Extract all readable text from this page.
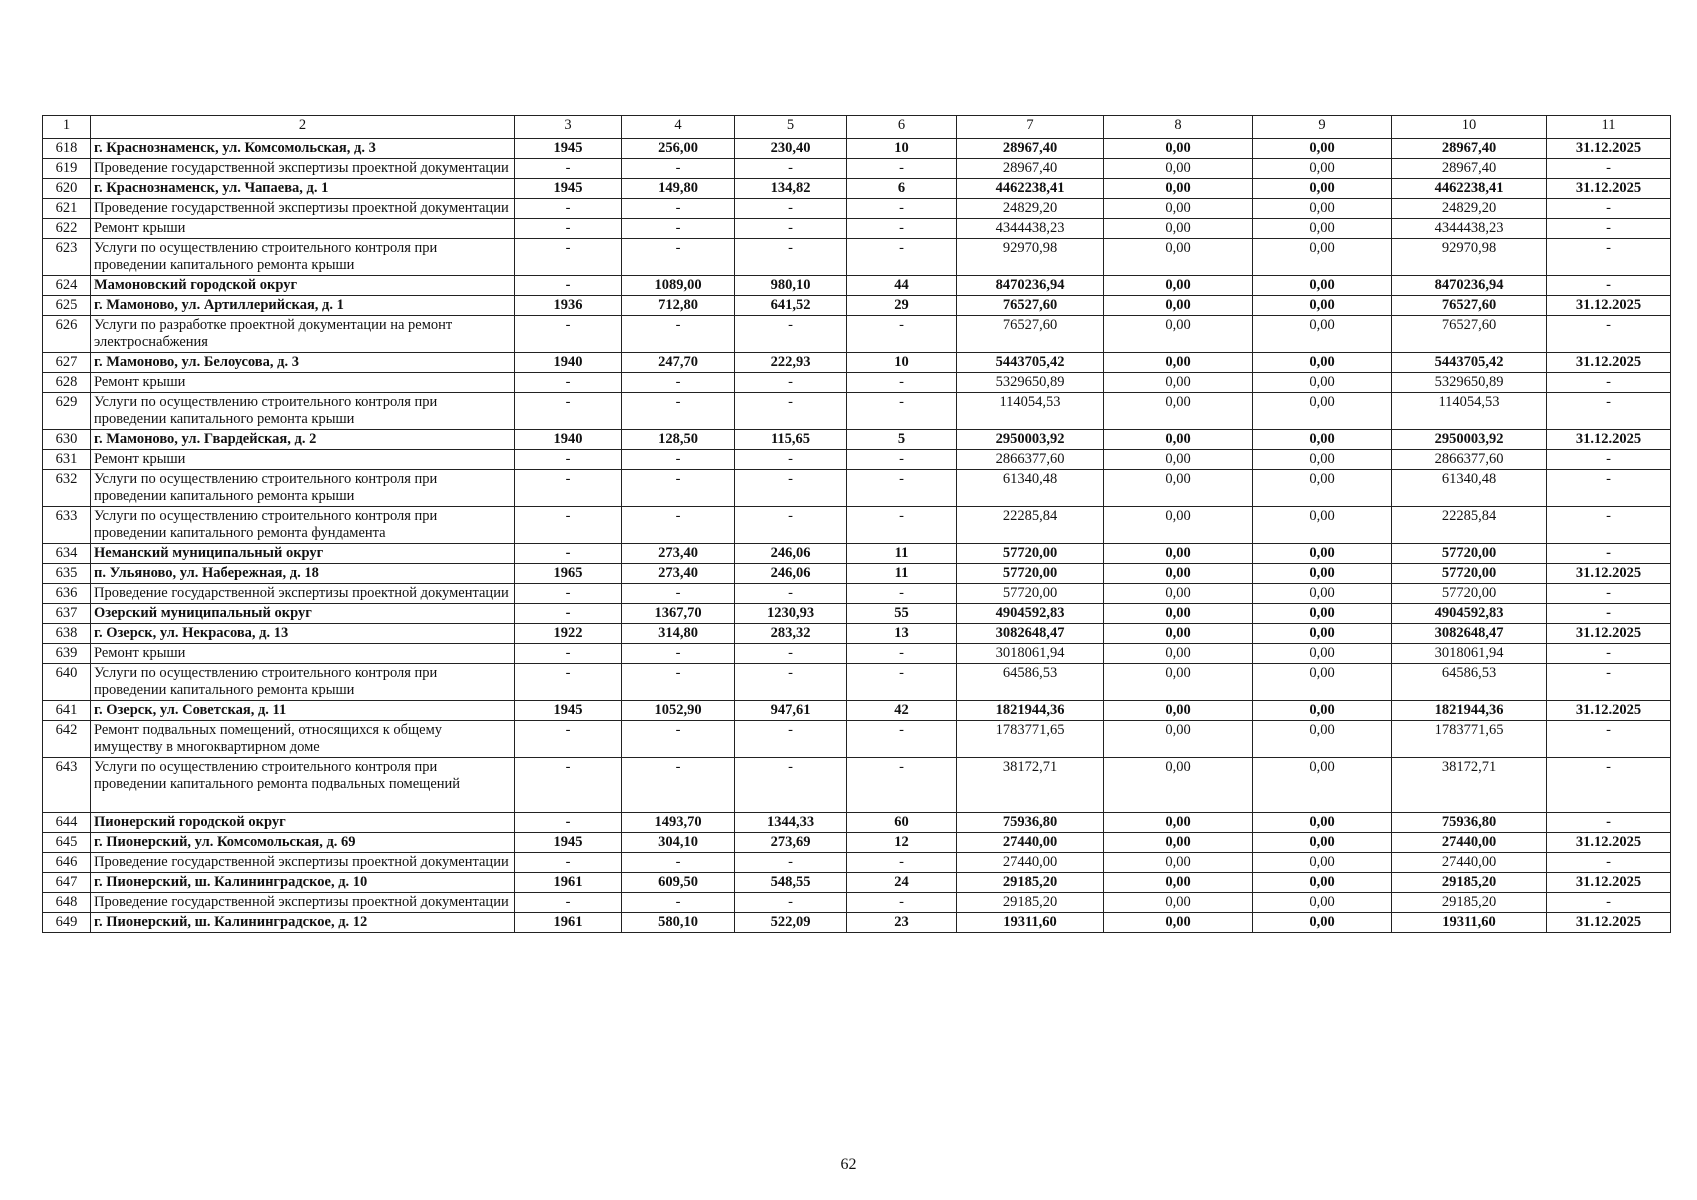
1	2	3	4	5	6	7	8	9	10	11
618	г. Краснознаменск, ул. Комсомольская, д. 3	1945	256,00	230,40	10	28967,40	0,00	0,00	28967,40	31.12.2025
619	Проведение государственной экспертизы проектной документации	-	-	-	-	28967,40	0,00	0,00	28967,40	-
620	г. Краснознаменск, ул. Чапаева, д. 1	1945	149,80	134,82	6	4462238,41	0,00	0,00	4462238,41	31.12.2025
621	Проведение государственной экспертизы проектной документации	-	-	-	-	24829,20	0,00	0,00	24829,20	-
622	Ремонт крыши	-	-	-	-	4344438,23	0,00	0,00	4344438,23	-
623	Услуги по осуществлению строительного контроля при проведении капитального ремонта крыши	-	-	-	-	92970,98	0,00	0,00	92970,98	-
624	Мамоновский городской округ	-	1089,00	980,10	44	8470236,94	0,00	0,00	8470236,94	-
625	г. Мамоново, ул. Артиллерийская, д. 1	1936	712,80	641,52	29	76527,60	0,00	0,00	76527,60	31.12.2025
626	Услуги по разработке проектной документации на ремонт электроснабжения	-	-	-	-	76527,60	0,00	0,00	76527,60	-
627	г. Мамоново, ул. Белоусова, д. 3	1940	247,70	222,93	10	5443705,42	0,00	0,00	5443705,42	31.12.2025
628	Ремонт крыши	-	-	-	-	5329650,89	0,00	0,00	5329650,89	-
629	Услуги по осуществлению строительного контроля при проведении капитального ремонта крыши	-	-	-	-	114054,53	0,00	0,00	114054,53	-
630	г. Мамоново, ул. Гвардейская, д. 2	1940	128,50	115,65	5	2950003,92	0,00	0,00	2950003,92	31.12.2025
631	Ремонт крыши	-	-	-	-	2866377,60	0,00	0,00	2866377,60	-
632	Услуги по осуществлению строительного контроля при проведении капитального ремонта крыши	-	-	-	-	61340,48	0,00	0,00	61340,48	-
633	Услуги по осуществлению строительного контроля при проведении капитального ремонта фундамента	-	-	-	-	22285,84	0,00	0,00	22285,84	-
634	Неманский муниципальный округ	-	273,40	246,06	11	57720,00	0,00	0,00	57720,00	-
635	п. Ульяново, ул. Набережная, д. 18	1965	273,40	246,06	11	57720,00	0,00	0,00	57720,00	31.12.2025
636	Проведение государственной экспертизы проектной документации	-	-	-	-	57720,00	0,00	0,00	57720,00	-
637	Озерский муниципальный округ	-	1367,70	1230,93	55	4904592,83	0,00	0,00	4904592,83	-
638	г. Озерск, ул. Некрасова, д. 13	1922	314,80	283,32	13	3082648,47	0,00	0,00	3082648,47	31.12.2025
639	Ремонт крыши	-	-	-	-	3018061,94	0,00	0,00	3018061,94	-
640	Услуги по осуществлению строительного контроля при проведении капитального ремонта крыши	-	-	-	-	64586,53	0,00	0,00	64586,53	-
641	г. Озерск, ул. Советская, д. 11	1945	1052,90	947,61	42	1821944,36	0,00	0,00	1821944,36	31.12.2025
642	Ремонт подвальных помещений, относящихся к общему имуществу в многоквартирном доме	-	-	-	-	1783771,65	0,00	0,00	1783771,65	-
643	Услуги по осуществлению строительного контроля при проведении капитального ремонта подвальных помещений	-	-	-	-	38172,71	0,00	0,00	38172,71	-
644	Пионерский городской округ	-	1493,70	1344,33	60	75936,80	0,00	0,00	75936,80	-
645	г. Пионерский, ул. Комсомольская, д. 69	1945	304,10	273,69	12	27440,00	0,00	0,00	27440,00	31.12.2025
646	Проведение государственной экспертизы проектной документации	-	-	-	-	27440,00	0,00	0,00	27440,00	-
647	г. Пионерский, ш. Калининградское, д. 10	1961	609,50	548,55	24	29185,20	0,00	0,00	29185,20	31.12.2025
648	Проведение государственной экспертизы проектной документации	-	-	-	-	29185,20	0,00	0,00	29185,20	-
649	г. Пионерский, ш. Калининградское, д. 12	1961	580,10	522,09	23	19311,60	0,00	0,00	19311,60	31.12.2025
62
